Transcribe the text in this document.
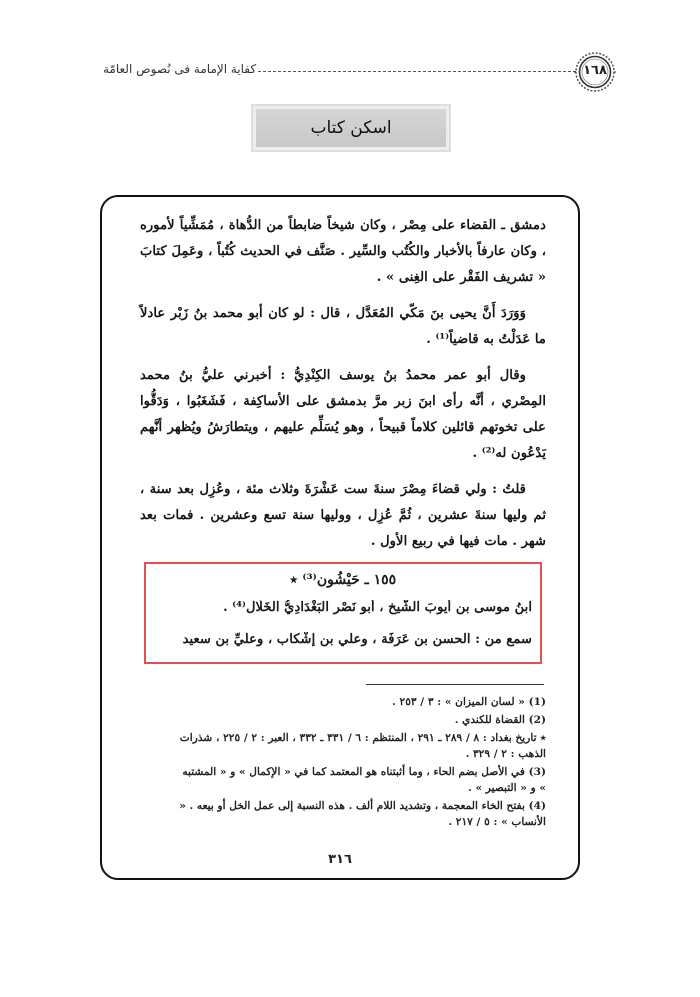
كفاية الإمامة فى نُصوص العامّة	١٦٨
اسكن كتاب

دمشق ـ القضاء على مِصْر ، وكان شيخاً ضابطاً من الدُّهاة ، مُمَشِّياً لأموره ، وكان عارفاً بالأخبار والكُتُب والسِّير . صَنَّف في الحديث كُتُباً ، وعَمِلَ كتابَ « تشريف الفَقْر على الغِنى » .

وَوَرَدَ أَنَّ يحيى بنَ مَكّي المُعَدَّل ، قال : لو كان أبو محمد بنُ زَبْر عادلاً ما عَدَلْتُ به قاضياً⁽¹⁾ .

وقال أبو عمر محمدُ بنُ يوسف الكِنْدِيُّ : أخبرني عليُّ بنُ محمد المِصْري ، أنَّه رأى ابنَ زبر مرَّ بدمشق على الأساكِفة ، فَشَغَبُوا ، وَدَقُّوا على تخوتهم قائلين كلاماً قبيحاً ، وهو يُسَلِّم عليهم ، ويتطارَشُ ويُظهر أنَّهم يَدْعُون له⁽²⁾ .

قلتُ : ولي قضاءَ مِصْرَ سنةَ ست عَشْرَةَ وثلاث مئة ، وعُزِل بعد سنة ، ثم وليها سنةَ عشرين ، ثُمَّ عُزِل ، ووليها سنة تسع وعشرين . فمات بعد شهر . مات فيها في ربيع الأول .

١٥٥ ـ حَيْشُون⁽³⁾ ٭
ابنُ موسى بن أيوبَ الشَّيخ ، أبو نَصْر البَغْدَادِيُّ الخَلَّال⁽⁴⁾ .
سمع من : الحسنِ بن عَرَفَة ، وعلي بن إشْكاب ، وعليِّ بنِ سعيد
(1) « لسان الميزان » : ٣ / ٢٥٣ .
(2) القضاة للكندي .
٭ تاريخ بغداد : ٨ / ٢٨٩ ـ ٢٩١ ، المنتظم : ٦ / ٣٣١ ـ ٣٣٢ ، العبر : ٢ / ٢٢٥ ، شذرات الذهب : ٢ / ٣٢٩ .
(3) في الأصل بضم الحاء ، وما أثبتناه هو المعتمد كما في « الإكمال » و « المشتبه » و « التبصير » .
(4) بفتح الخاء المعجمة ، وتشديد اللام ألف . هذه النسبة إلى عمل الخل أو بيعه . « الأنساب » : ٥ / ٢١٧ .
٣١٦
